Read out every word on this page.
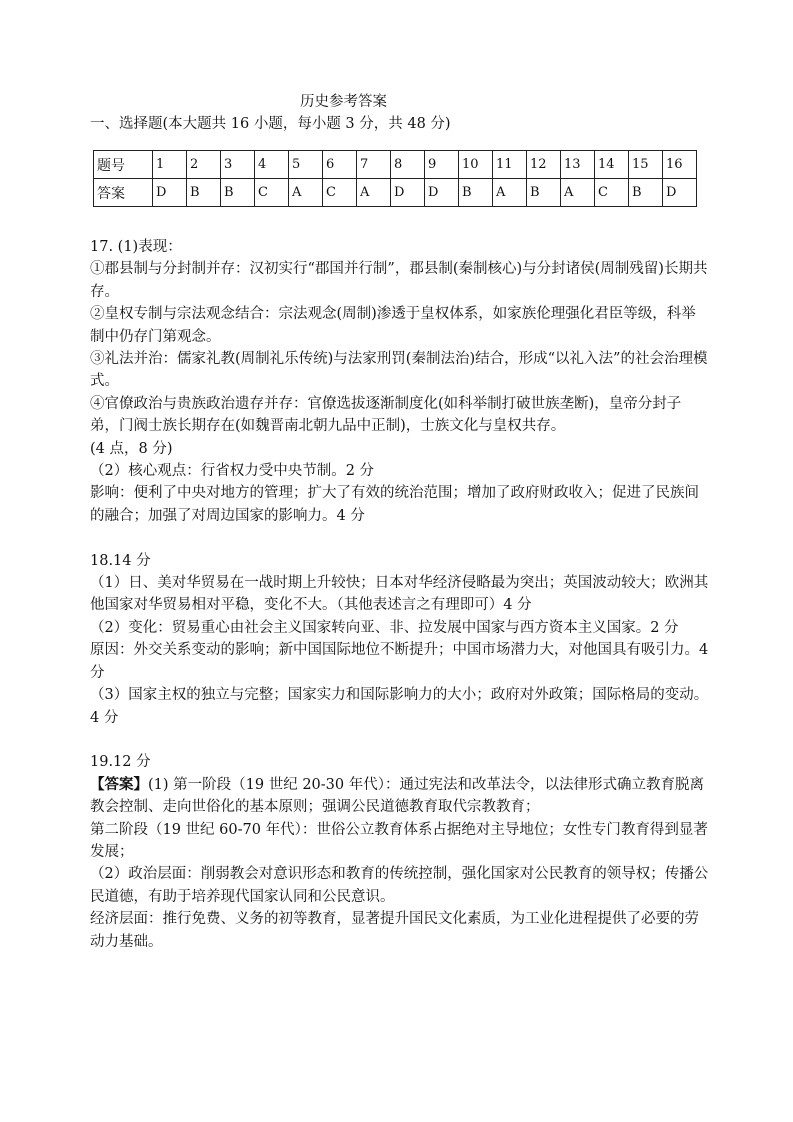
历史参考答案
一、选择题(本大题共 16 小题，每小题 3 分，共 48 分)
题号	1	2	3	4	5	6	7	8	9	10	11	12	13	14	15	16
答案	D	B	B	C	A	C	A	D	D	B	A	B	A	C	B	D

17. (1)表现：

①郡县制与分封制并存：汉初实行“郡国并行制”，郡县制(秦制核心)与分封诸侯(周制残留)长期共存。

②皇权专制与宗法观念结合：宗法观念(周制)渗透于皇权体系，如家族伦理强化君臣等级，科举制中仍存门第观念。

③礼法并治：儒家礼教(周制礼乐传统)与法家刑罚(秦制法治)结合，形成“以礼入法”的社会治理模式。

④官僚政治与贵族政治遗存并存：官僚选拔逐渐制度化(如科举制打破世族垄断)，皇帝分封子弟，门阀士族长期存在(如魏晋南北朝九品中正制)，士族文化与皇权共存。

(4 点，8 分)

（2）核心观点：行省权力受中央节制。2 分

影响：便利了中央对地方的管理；扩大了有效的统治范围；增加了政府财政收入；促进了民族间的融合；加强了对周边国家的影响力。4 分

18.14 分

（1）日、美对华贸易在一战时期上升较快；日本对华经济侵略最为突出；英国波动较大；欧洲其他国家对华贸易相对平稳，变化不大。（其他表述言之有理即可）4 分

（2）变化：贸易重心由社会主义国家转向亚、非、拉发展中国家与西方资本主义国家。2 分

原因：外交关系变动的影响；新中国国际地位不断提升；中国市场潜力大，对他国具有吸引力。4 分

（3）国家主权的独立与完整；国家实力和国际影响力的大小；政府对外政策；国际格局的变动。4 分

19.12 分

【答案】(1) 第一阶段（19 世纪 20-30 年代）：通过宪法和改革法令，以法律形式确立教育脱离教会控制、走向世俗化的基本原则；强调公民道德教育取代宗教教育；

第二阶段（19 世纪 60-70 年代）：世俗公立教育体系占据绝对主导地位；女性专门教育得到显著发展；

（2）政治层面：削弱教会对意识形态和教育的传统控制，强化国家对公民教育的领导权；传播公民道德，有助于培养现代国家认同和公民意识。

经济层面：推行免费、义务的初等教育，显著提升国民文化素质，为工业化进程提供了必要的劳动力基础。
